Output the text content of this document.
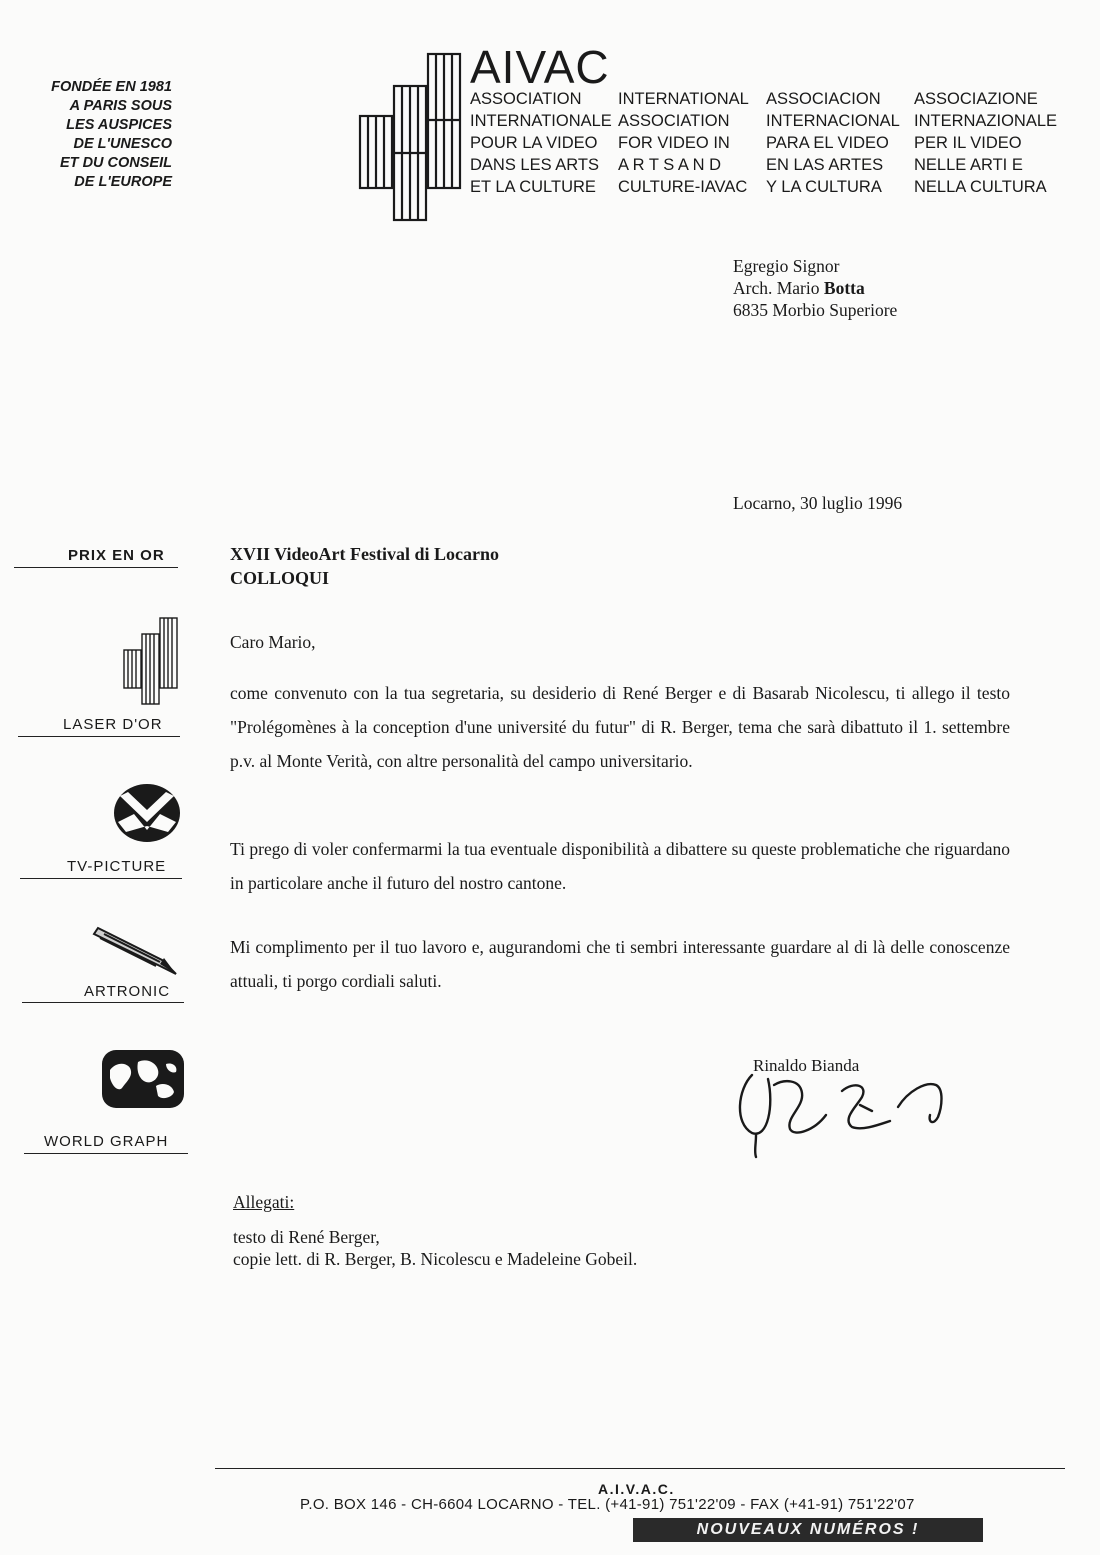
FONDÉE EN 1981
A PARIS SOUS
LES AUSPICES
DE L'UNESCO
ET DU CONSEIL
DE L'EUROPE
AIVAC
ASSOCIATION
INTERNATIONALE
POUR LA VIDEO
DANS LES ARTS
ET LA CULTURE
INTERNATIONAL
ASSOCIATION
FOR VIDEO IN
A R T S A N D
CULTURE-IAVAC
ASSOCIACION
INTERNACIONAL
PARA EL VIDEO
EN LAS ARTES
Y LA CULTURA
ASSOCIAZIONE
INTERNAZIONALE
PER IL VIDEO
NELLE ARTI E
NELLA CULTURA
Egregio Signor
Arch. Mario Botta
6835 Morbio Superiore
Locarno, 30 luglio 1996
PRIX EN OR
LASER D'OR
TV-PICTURE
ARTRONIC
WORLD GRAPH
XVII VideoArt Festival di Locarno
COLLOQUI
Caro Mario,
come convenuto con la tua segretaria, su desiderio di René Berger e di Basarab Nicolescu, ti allego il testo "Prolégomènes à la conception d'une université du futur" di R. Berger, tema che sarà dibattuto il 1. settembre p.v. al Monte Verità, con altre personalità del campo universitario.
Ti prego di voler confermarmi la tua eventuale disponibilità a dibattere su queste problematiche che riguardano in particolare anche il futuro del nostro cantone.
Mi complimento per il tuo lavoro e, augurandomi che ti sembri interessante guardare al di là delle conoscenze attuali, ti porgo cordiali saluti.
Rinaldo Bianda
Allegati:
testo di René Berger,
copie lett. di R. Berger, B. Nicolescu e Madeleine Gobeil.
A.I.V.A.C.
P.O. BOX 146 - CH-6604 LOCARNO - TEL. (+41-91) 751'22'09 - FAX (+41-91) 751'22'07
NOUVEAUX NUMÉROS !
